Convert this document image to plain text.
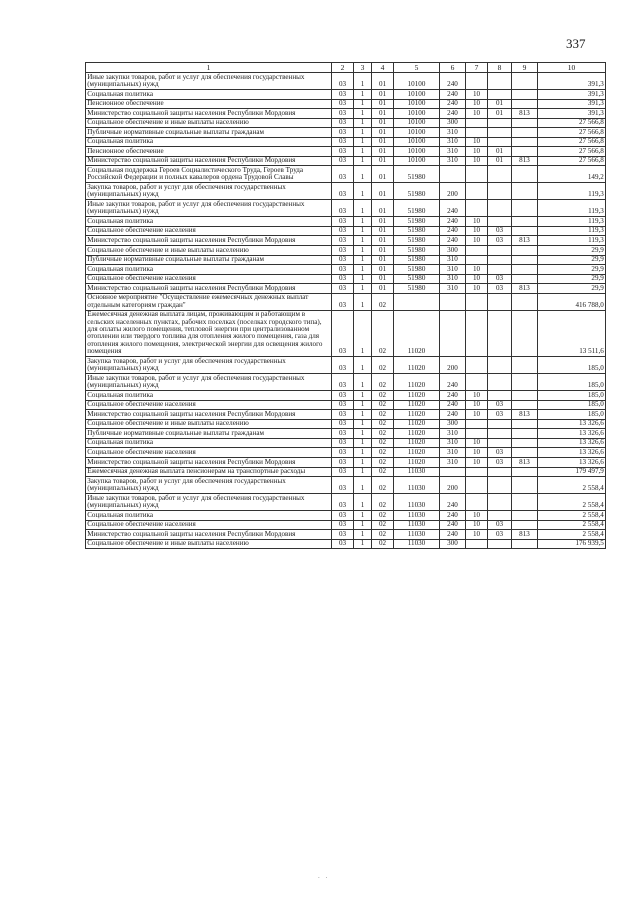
337
1	2	3	4	5	6	7	8	9	10
Иные закупки товаров, работ и услуг для обеспечения государственных (муниципальных) нужд	03	1	01	10100	240				391,3
Социальная политика	03	1	01	10100	240	10			391,3
Пенсионное обеспечение	03	1	01	10100	240	10	01		391,3
Министерство социальной защиты населения Республики Мордовия	03	1	01	10100	240	10	01	813	391,3
Социальное обеспечение и иные выплаты населению	03	1	01	10100	300				27 566,8
Публичные нормативные социальные выплаты гражданам	03	1	01	10100	310				27 566,8
Социальная политика	03	1	01	10100	310	10			27 566,8
Пенсионное обеспечение	03	1	01	10100	310	10	01		27 566,8
Министерство социальной защиты населения Республики Мордовия	03	1	01	10100	310	10	01	813	27 566,8
Социальная поддержка Героев Социалистического Труда, Героев Труда Российской Федерации и полных кавалеров ордена Трудовой Славы	03	1	01	51980					149,2
Закупка товаров, работ и услуг для обеспечения государственных (муниципальных) нужд	03	1	01	51980	200				119,3
Иные закупки товаров, работ и услуг для обеспечения государственных (муниципальных) нужд	03	1	01	51980	240				119,3
Социальная политика	03	1	01	51980	240	10			119,3
Социальное обеспечение населения	03	1	01	51980	240	10	03		119,3
Министерство социальной защиты населения Республики Мордовия	03	1	01	51980	240	10	03	813	119,3
Социальное обеспечение и иные выплаты населению	03	1	01	51980	300				29,9
Публичные нормативные социальные выплаты гражданам	03	1	01	51980	310				29,9
Социальная политика	03	1	01	51980	310	10			29,9
Социальное обеспечение населения	03	1	01	51980	310	10	03		29,9
Министерство социальной защиты населения Республики Мордовия	03	1	01	51980	310	10	03	813	29,9
Основное мероприятие "Осуществление ежемесячных денежных выплат отдельным категориям граждан"	03	1	02						416 788,0
Ежемесячная денежная выплата лицам, проживающим и работающим в сельских населенных пунктах, рабочих поселках (поселках городского типа), для оплаты жилого помещения, тепловой энергии при централизованном отоплении или твердого топлива для отопления жилого помещения, газа для отопления жилого помещения, электрической энергии для освещения жилого помещения	03	1	02	11020					13 511,6
Закупка товаров, работ и услуг для обеспечения государственных (муниципальных) нужд	03	1	02	11020	200				185,0
Иные закупки товаров, работ и услуг для обеспечения государственных (муниципальных) нужд	03	1	02	11020	240				185,0
Социальная политика	03	1	02	11020	240	10			185,0
Социальное обеспечение населения	03	1	02	11020	240	10	03		185,0
Министерство социальной защиты населения Республики Мордовия	03	1	02	11020	240	10	03	813	185,0
Социальное обеспечение и иные выплаты населению	03	1	02	11020	300				13 326,6
Публичные нормативные социальные выплаты гражданам	03	1	02	11020	310				13 326,6
Социальная политика	03	1	02	11020	310	10			13 326,6
Социальное обеспечение населения	03	1	02	11020	310	10	03		13 326,6
Министерство социальной защиты населения Республики Мордовия	03	1	02	11020	310	10	03	813	13 326,6
Ежемесячная денежная выплата пенсионерам на транспортные расходы	03	1	02	11030					179 497,9
Закупка товаров, работ и услуг для обеспечения государственных (муниципальных) нужд	03	1	02	11030	200				2 558,4
Иные закупки товаров, работ и услуг для обеспечения государственных (муниципальных) нужд	03	1	02	11030	240				2 558,4
Социальная политика	03	1	02	11030	240	10			2 558,4
Социальное обеспечение населения	03	1	02	11030	240	10	03		2 558,4
Министерство социальной защиты населения Республики Мордовия	03	1	02	11030	240	10	03	813	2 558,4
Социальное обеспечение и иные выплаты населению	03	1	02	11030	300				176 939,5
. .
